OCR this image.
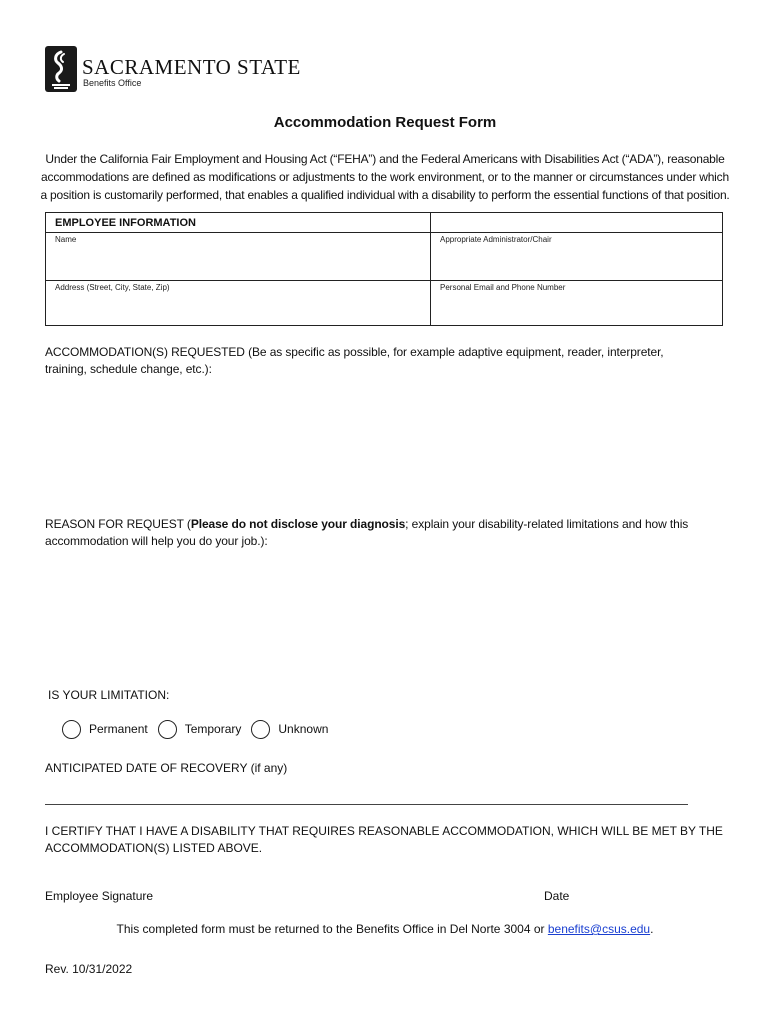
SACRAMENTO STATE
Benefits Office
Accommodation Request Form
Under the California Fair Employment and Housing Act (“FEHA”) and the Federal Americans with Disabilities Act (“ADA”), reasonable accommodations are defined as modifications or adjustments to the work environment, or to the manner or circumstances under which a position is customarily performed, that enables a qualified individual with a disability to perform the essential functions of that position.
EMPLOYEE INFORMATION
Name	Appropriate Administrator/Chair
Address (Street, City, State, Zip)	Personal Email and Phone Number
ACCOMMODATION(S) REQUESTED (Be as specific as possible, for example adaptive equipment, reader, interpreter, training, schedule change, etc.):
REASON FOR REQUEST (Please do not disclose your diagnosis; explain your disability-related limitations and how this accommodation will help you do your job.):
IS YOUR LIMITATION:
Permanent	Temporary	Unknown
ANTICIPATED DATE OF RECOVERY (if any)
I CERTIFY THAT I HAVE A DISABILITY THAT REQUIRES REASONABLE ACCOMMODATION, WHICH WILL BE MET BY THE ACCOMMODATION(S) LISTED ABOVE.
Employee Signature	Date
This completed form must be returned to the Benefits Office in Del Norte 3004 or benefits@csus.edu.
Rev. 10/31/2022
